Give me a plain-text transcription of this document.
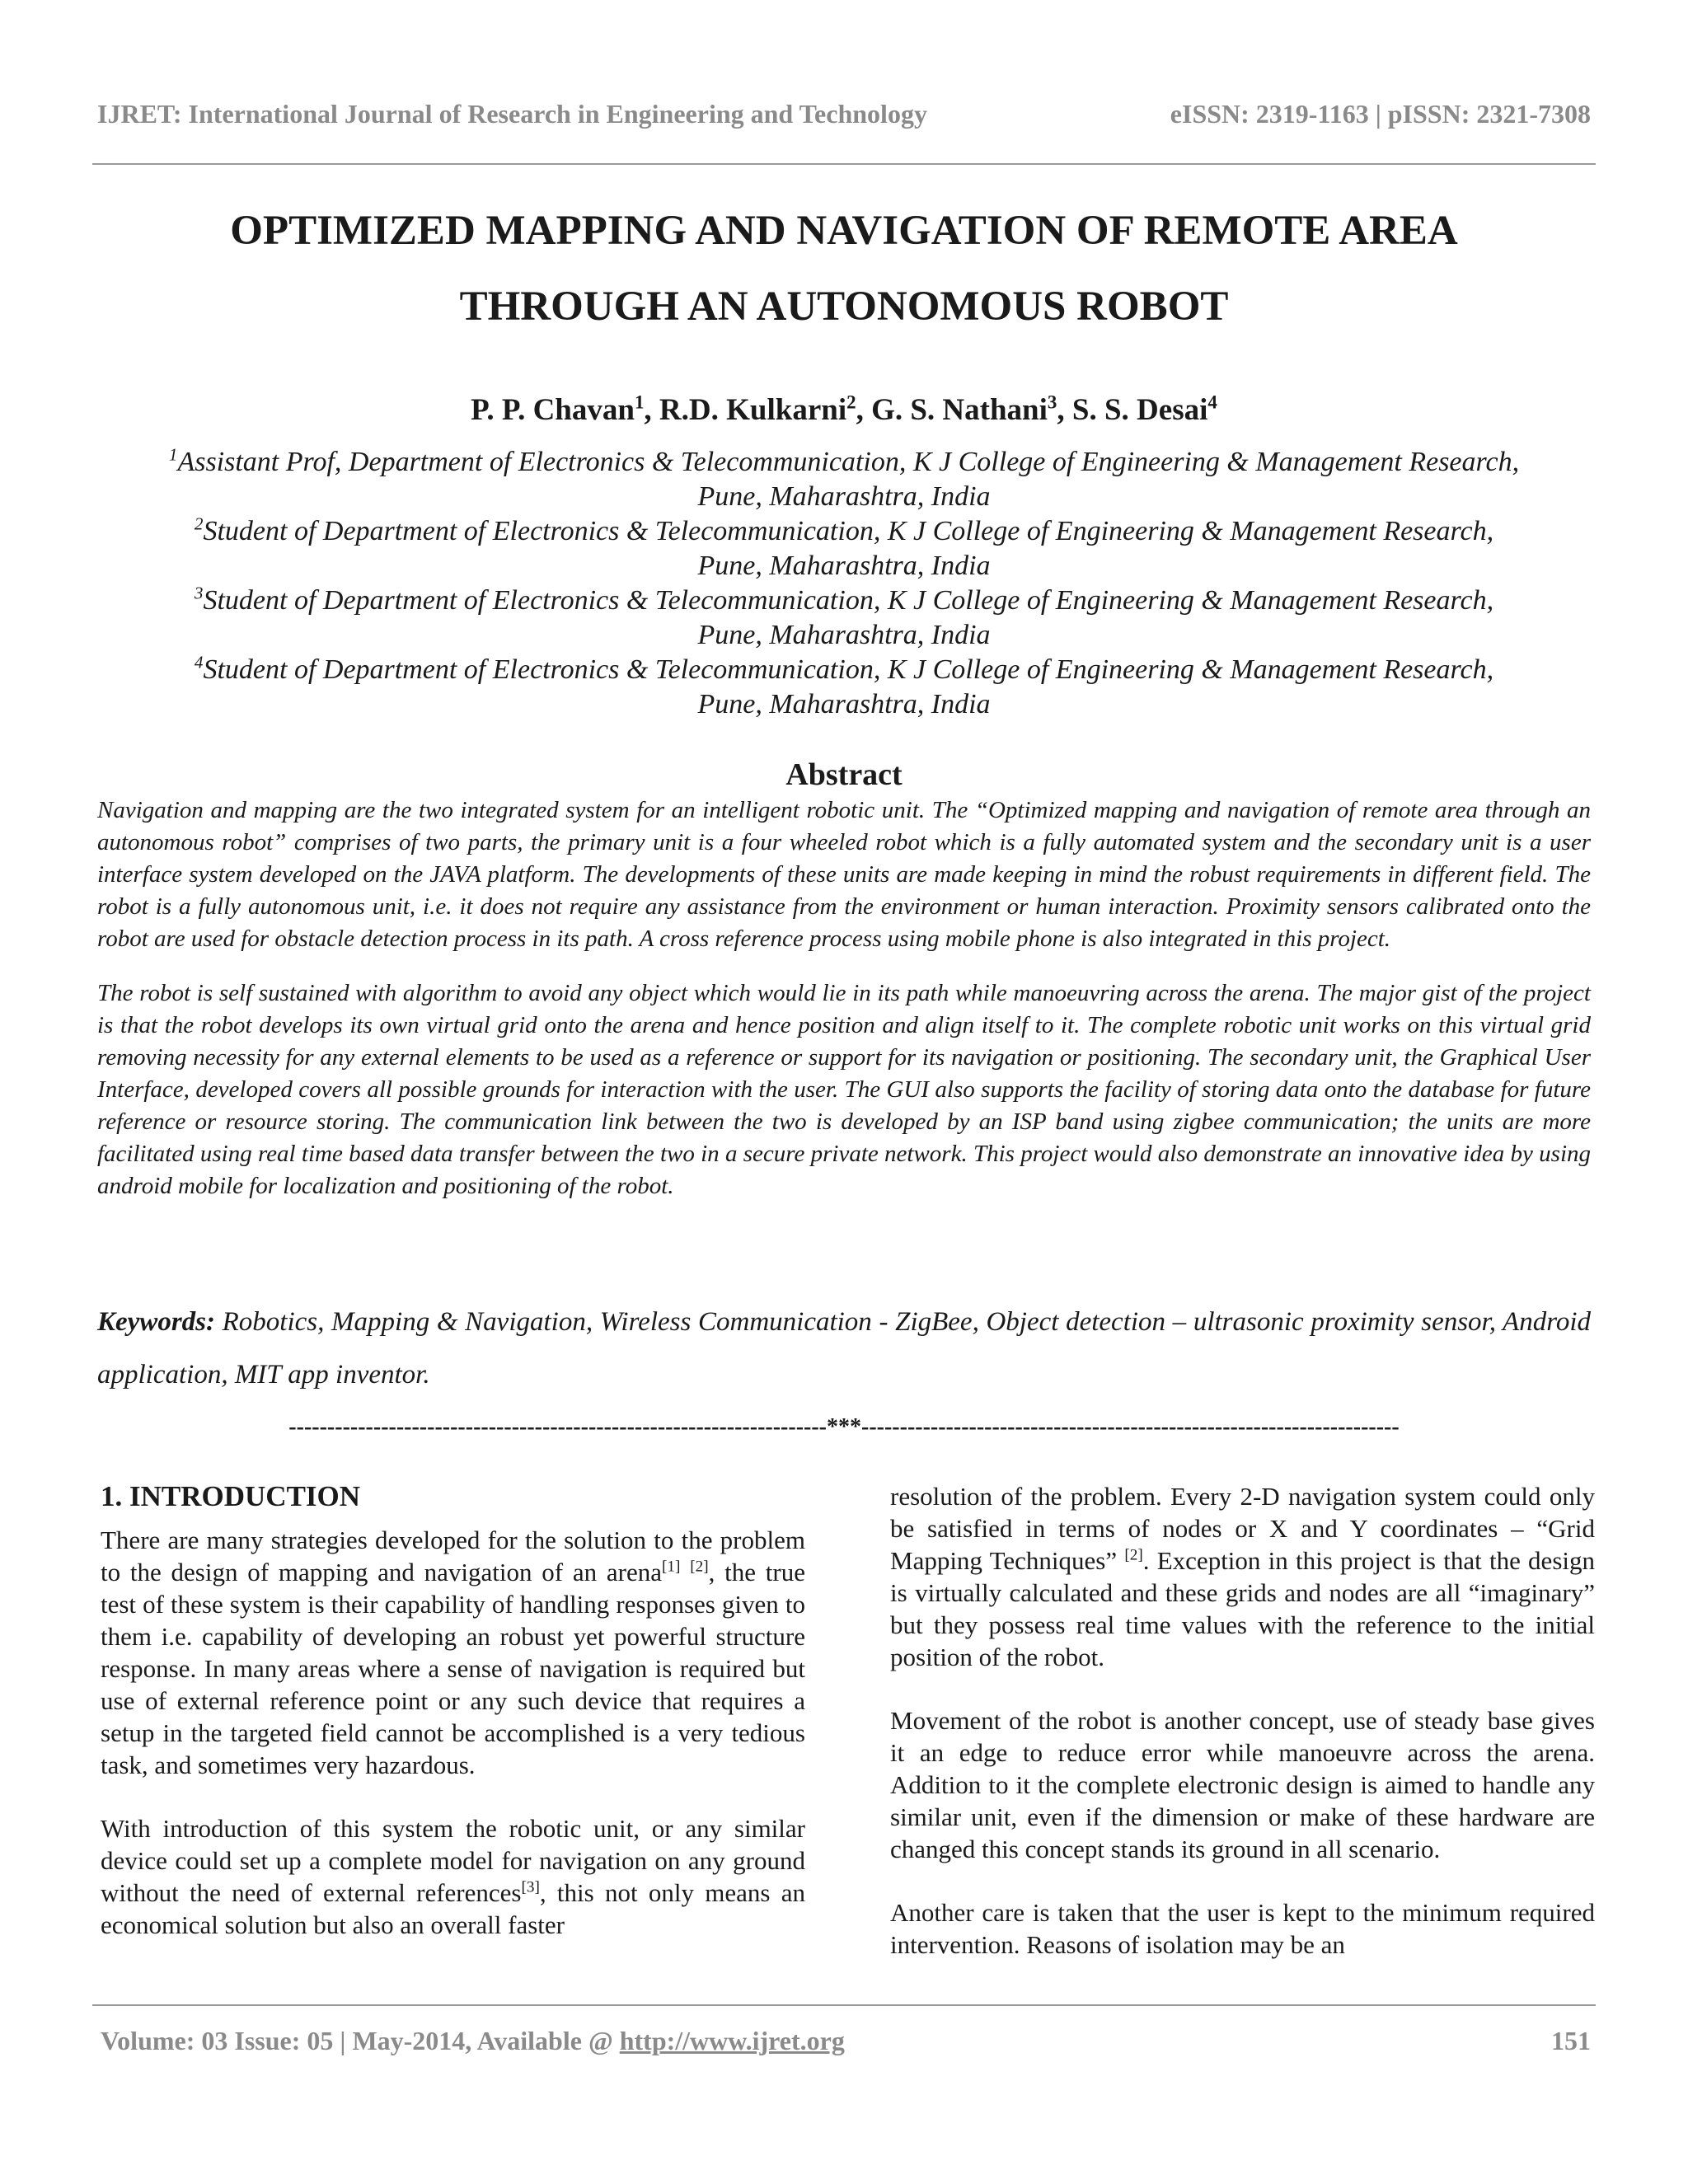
IJRET: International Journal of Research in Engineering and Technology	eISSN: 2319-1163 | pISSN: 2321-7308
OPTIMIZED MAPPING AND NAVIGATION OF REMOTE AREA
THROUGH AN AUTONOMOUS ROBOT
P. P. Chavan$^1$, R.D. Kulkarni$^2$, G. S. Nathani$^3$, S. S. Desai$^4$
$^1$Assistant Prof, Department of Electronics & Telecommunication, K J College of Engineering & Management Research,
Pune, Maharashtra, India
$^2$Student of Department of Electronics & Telecommunication, K J College of Engineering & Management Research,
Pune, Maharashtra, India
$^3$Student of Department of Electronics & Telecommunication, K J College of Engineering & Management Research,
Pune, Maharashtra, India
$^4$Student of Department of Electronics & Telecommunication, K J College of Engineering & Management Research,
Pune, Maharashtra, India
Abstract

Navigation and mapping are the two integrated system for an intelligent robotic unit. The “Optimized mapping and navigation of remote area through an autonomous robot” comprises of two parts, the primary unit is a four wheeled robot which is a fully automated system and the secondary unit is a user interface system developed on the JAVA platform. The developments of these units are made keeping in mind the robust requirements in different field. The robot is a fully autonomous unit, i.e. it does not require any assistance from the environment or human interaction. Proximity sensors calibrated onto the robot are used for obstacle detection process in its path. A cross reference process using mobile phone is also integrated in this project.

The robot is self sustained with algorithm to avoid any object which would lie in its path while manoeuvring across the arena. The major gist of the project is that the robot develops its own virtual grid onto the arena and hence position and align itself to it. The complete robotic unit works on this virtual grid removing necessity for any external elements to be used as a reference or support for its navigation or positioning. The secondary unit, the Graphical User Interface, developed covers all possible grounds for interaction with the user. The GUI also supports the facility of storing data onto the database for future reference or resource storing. The communication link between the two is developed by an ISP band using zigbee communication; the units are more facilitated using real time based data transfer between the two in a secure private network. This project would also demonstrate an innovative idea by using android mobile for localization and positioning of the robot.

Keywords: Robotics, Mapping & Navigation, Wireless Communication - ZigBee, Object detection – ultrasonic proximity sensor, Android application, MIT app inventor.
----------------------------------------------------------------------***----------------------------------------------------------------------
1. INTRODUCTION

There are many strategies developed for the solution to the problem to the design of mapping and navigation of an arena[1] [2], the true test of these system is their capability of handling responses given to them i.e. capability of developing an robust yet powerful structure response. In many areas where a sense of navigation is required but use of external reference point or any such device that requires a setup in the targeted field cannot be accomplished is a very tedious task, and sometimes very hazardous.

With introduction of this system the robotic unit, or any similar device could set up a complete model for navigation on any ground without the need of external references[3], this not only means an economical solution but also an overall faster

resolution of the problem. Every 2-D navigation system could only be satisfied in terms of nodes or X and Y coordinates – “Grid Mapping Techniques” [2]. Exception in this project is that the design is virtually calculated and these grids and nodes are all “imaginary” but they possess real time values with the reference to the initial position of the robot.

Movement of the robot is another concept, use of steady base gives it an edge to reduce error while manoeuvre across the arena. Addition to it the complete electronic design is aimed to handle any similar unit, even if the dimension or make of these hardware are changed this concept stands its ground in all scenario.

Another care is taken that the user is kept to the minimum required intervention. Reasons of isolation may be an

Volume: 03 Issue: 05 | May-2014, Available @ http://www.ijret.org	151
